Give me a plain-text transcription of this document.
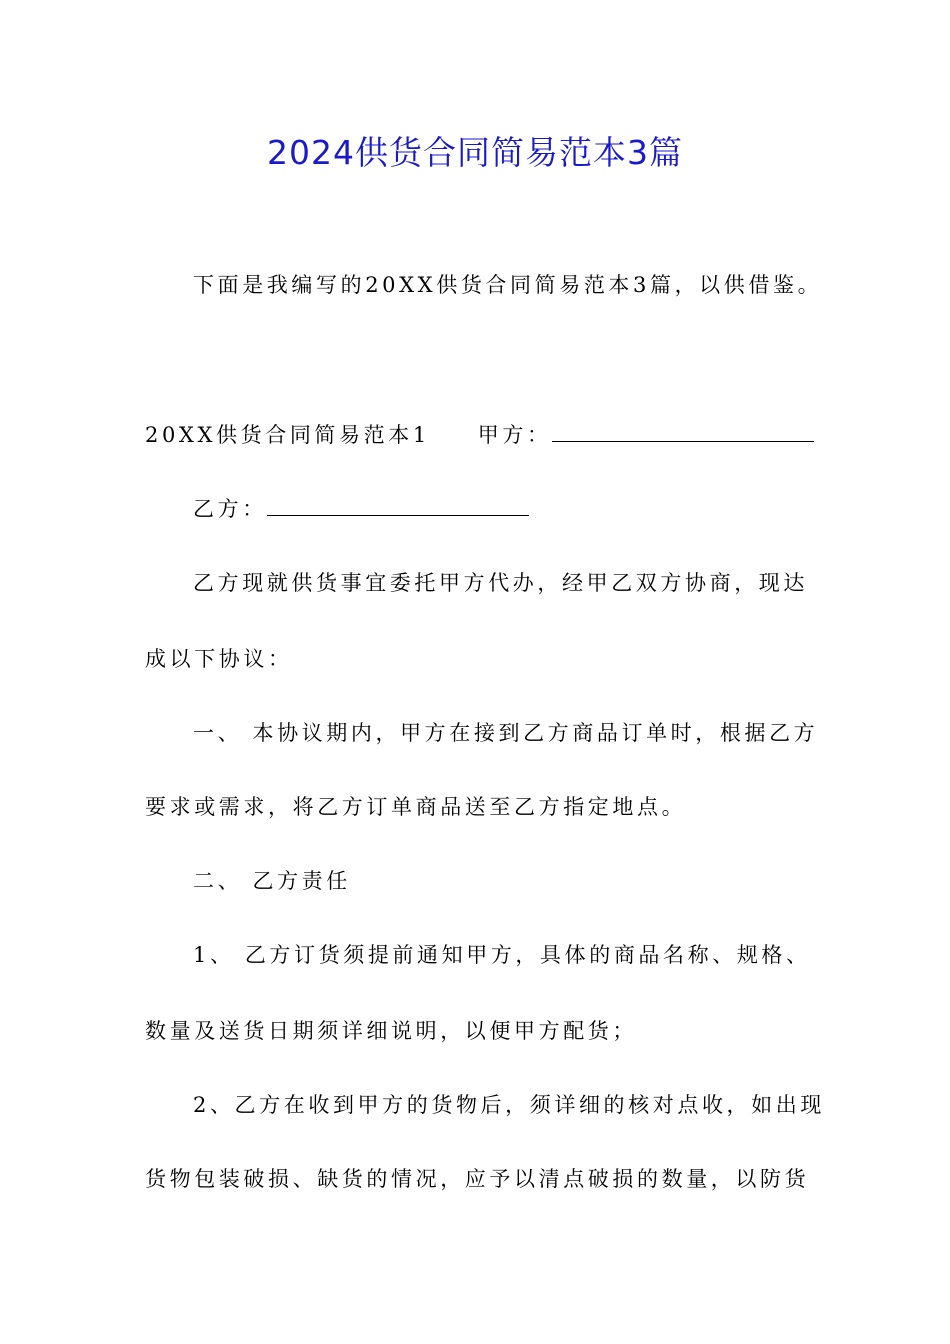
2024供货合同简易范本3篇
下面是我编写的20XX供货合同简易范本3篇，以供借鉴。
20XX供货合同简易范本1 甲方：
乙方：
乙方现就供货事宜委托甲方代办，经甲乙双方协商，现达
成以下协议：
一、 本协议期内，甲方在接到乙方商品订单时，根据乙方
要求或需求，将乙方订单商品送至乙方指定地点。
二、 乙方责任
1、 乙方订货须提前通知甲方，具体的商品名称、规格、
数量及送货日期须详细说明，以便甲方配货；
2、乙方在收到甲方的货物后，须详细的核对点收，如出现
货物包装破损、缺货的情况，应予以清点破损的数量，以防货
